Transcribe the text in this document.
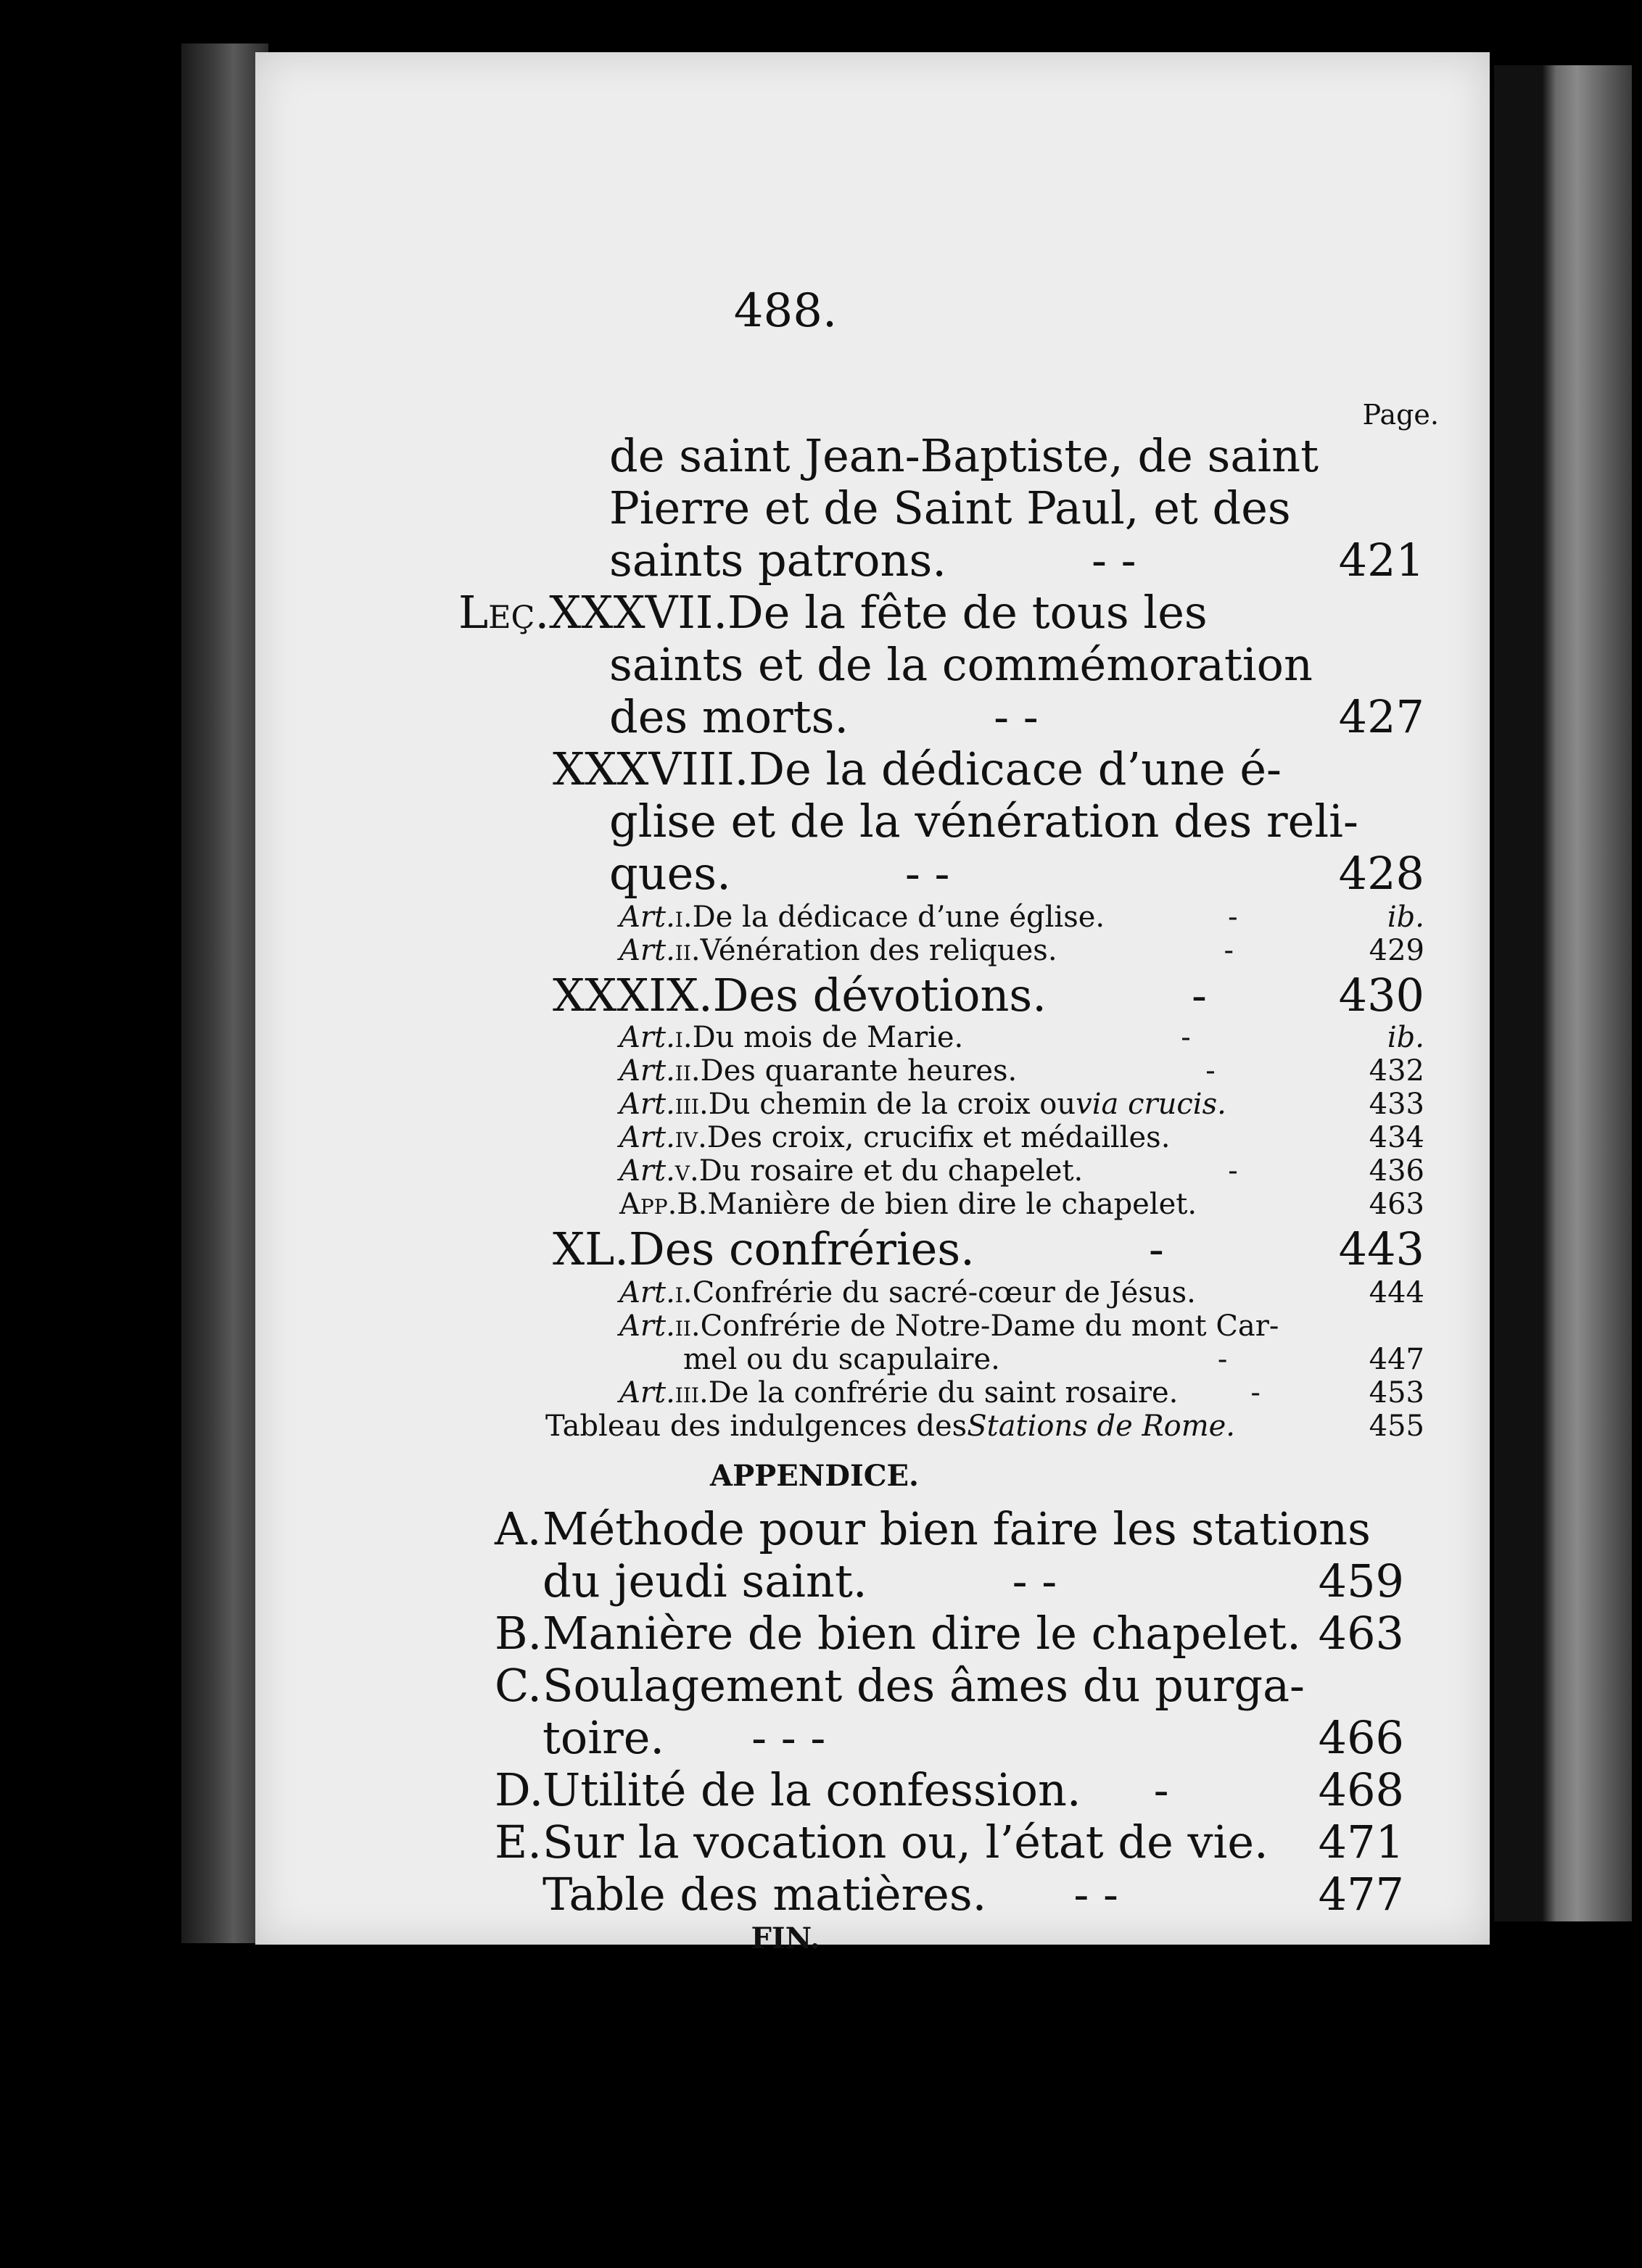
488.
Page.
de saint Jean-Baptiste, de saint
Pierre et de Saint Paul, et des
saints patrons.	- -	421
Leç. XXXVII.De la fête de tous les
saints et de la commémoration
des morts.	- -	427
XXXVIII.De la dédicace d’une é-
glise et de la vénération des reli-
ques.	- -	428
Art. i. De la dédicace d’une église.	-	ib.
Art. ii. Vénération des reliques.	-	429
XXXIX.Des dévotions.	-	430
Art. i. Du mois de Marie.	-	ib.
Art. ii. Des quarante heures.	-	432
Art. iii. Du chemin de la croix ou via crucis.	433
Art. iv. Des croix, crucifix et médailles.	434
Art. v. Du rosaire et du chapelet.	-	436
App. B. Manière de bien dire le chapelet.	463
XL.Des confréries.	-	443
Art. i. Confrérie du sacré-cœur de Jésus.	444
Art. ii. Confrérie de Notre-Dame du mont Car-
mel ou du scapulaire.	-	447
Art. iii. De la confrérie du saint rosaire.	-	453
Tableau des indulgences des Stations de Rome.	455
APPENDICE.
A. Méthode pour bien faire les stations
du jeudi saint.	- -	459
B. Manière de bien dire le chapelet. 463
C. Soulagement des âmes du purga-
toire. - - -	466
D.
Utilité de la confession. -	468
E. Sur la vocation ou, l’état de vie. 471
Table des matières. - -	477
FIN.
